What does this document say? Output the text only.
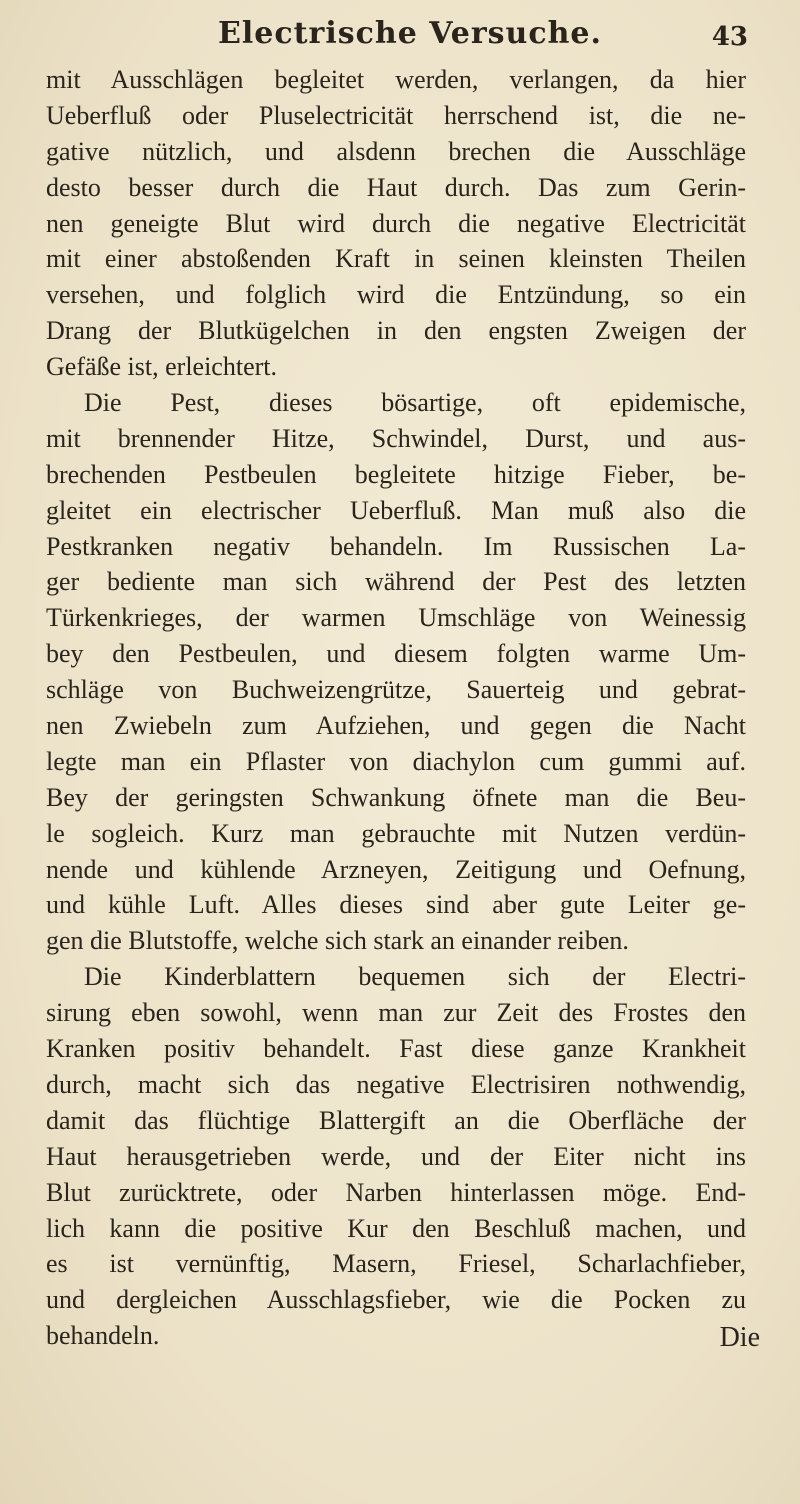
Electrische Versuche.	43
mit Ausschlägen begleitet werden, verlangen, da hier
Ueberfluß oder Pluselectricität herrschend ist, die ne-
gative nützlich, und alsdenn brechen die Ausschläge
desto besser durch die Haut durch. Das zum Gerin-
nen geneigte Blut wird durch die negative Electricität
mit einer abstoßenden Kraft in seinen kleinsten Theilen
versehen, und folglich wird die Entzündung, so ein
Drang der Blutkügelchen in den engsten Zweigen der
Gefäße ist, erleichtert.
Die Pest, dieses bösartige, oft epidemische,
mit brennender Hitze, Schwindel, Durst, und aus-
brechenden Pestbeulen begleitete hitzige Fieber, be-
gleitet ein electrischer Ueberfluß. Man muß also die
Pestkranken negativ behandeln. Im Russischen La-
ger bediente man sich während der Pest des letzten
Türkenkrieges, der warmen Umschläge von Weinessig
bey den Pestbeulen, und diesem folgten warme Um-
schläge von Buchweizengrütze, Sauerteig und gebrat-
nen Zwiebeln zum Aufziehen, und gegen die Nacht
legte man ein Pflaster von diachylon cum gummi auf.
Bey der geringsten Schwankung öfnete man die Beu-
le sogleich. Kurz man gebrauchte mit Nutzen verdün-
nende und kühlende Arzneyen, Zeitigung und Oefnung,
und kühle Luft. Alles dieses sind aber gute Leiter ge-
gen die Blutstoffe, welche sich stark an einander reiben.
Die Kinderblattern bequemen sich der Electri-
sirung eben sowohl, wenn man zur Zeit des Frostes den
Kranken positiv behandelt. Fast diese ganze Krankheit
durch, macht sich das negative Electrisiren nothwendig,
damit das flüchtige Blattergift an die Oberfläche der
Haut herausgetrieben werde, und der Eiter nicht ins
Blut zurücktrete, oder Narben hinterlassen möge. End-
lich kann die positive Kur den Beschluß machen, und
es ist vernünftig, Masern, Friesel, Scharlachfieber,
und dergleichen Ausschlagsfieber, wie die Pocken zu
behandeln.	Die
